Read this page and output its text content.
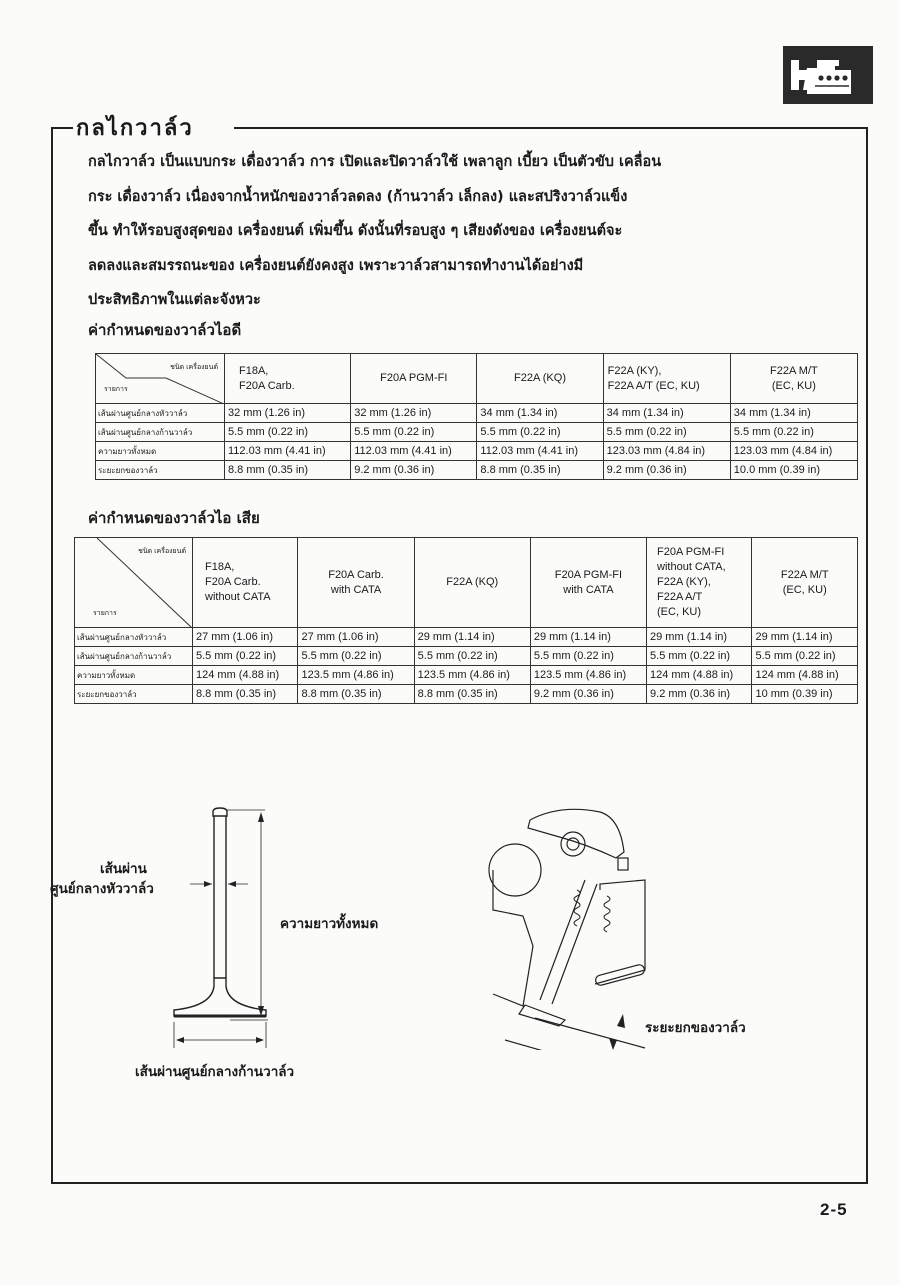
กลไกวาล์ว
กลไกวาล์ว เป็นแบบกระ เดื่องวาล์ว การ เปิดและปิดวาล์วใช้ เพลาลูก เบี้ยว เป็นตัวขับ เคลื่อน
กระ เดื่องวาล์ว เนื่องจากน้ำหนักของวาล์วลดลง (ก้านวาล์ว เล็กลง) และสปริงวาล์วแข็ง
ขึ้น ทำให้รอบสูงสุดของ เครื่องยนต์ เพิ่มขึ้น ดังนั้นที่รอบสูง ๆ เสียงดังของ เครื่องยนต์จะ
ลดลงและสมรรถนะของ เครื่องยนต์ยังคงสูง เพราะวาล์วสามารถทำงานได้อย่างมี
ประสิทธิภาพในแต่ละจังหวะ
ค่ากำหนดของวาล์วไอดี
ชนิด เครื่องยนต์
รายการ	F18A,
F20A Carb.	F20A PGM-FI	F22A (KQ)	F22A (KY),
F22A A/T (EC, KU)	F22A M/T
(EC, KU)
เส้นผ่านศูนย์กลางหัววาล์ว	32 mm (1.26 in)	32 mm (1.26 in)	34 mm (1.34 in)	34 mm (1.34 in)	34 mm (1.34 in)
เส้นผ่านศูนย์กลางก้านวาล์ว	5.5 mm (0.22 in)	5.5 mm (0.22 in)	5.5 mm (0.22 in)	5.5 mm (0.22 in)	5.5 mm (0.22 in)
ความยาวทั้งหมด	112.03 mm (4.41 in)	112.03 mm (4.41 in)	112.03 mm (4.41 in)	123.03 mm (4.84 in)	123.03 mm (4.84 in)
ระยะยกของวาล์ว	8.8 mm (0.35 in)	9.2 mm (0.36 in)	8.8 mm (0.35 in)	9.2 mm (0.36 in)	10.0 mm (0.39 in)
ค่ากำหนดของวาล์วไอ เสีย
ชนิด เครื่องยนต์
รายการ	F18A,
F20A Carb.
without CATA	F20A Carb.
with CATA	F22A (KQ)	F20A PGM-FI
with CATA	F20A PGM-FI
without CATA,
F22A (KY),
F22A A/T
(EC, KU)	F22A M/T
(EC, KU)
เส้นผ่านศูนย์กลางหัววาล์ว	27 mm (1.06 in)	27 mm (1.06 in)	29 mm (1.14 in)	29 mm (1.14 in)	29 mm (1.14 in)	29 mm (1.14 in)
เส้นผ่านศูนย์กลางก้านวาล์ว	5.5 mm (0.22 in)	5.5 mm (0.22 in)	5.5 mm (0.22 in)	5.5 mm (0.22 in)	5.5 mm (0.22 in)	5.5 mm (0.22 in)
ความยาวทั้งหมด	124 mm (4.88 in)	123.5 mm (4.86 in)	123.5 mm (4.86 in)	123.5 mm (4.86 in)	124 mm (4.88 in)	124 mm (4.88 in)
ระยะยกของวาล์ว	8.8 mm (0.35 in)	8.8 mm (0.35 in)	8.8 mm (0.35 in)	9.2 mm (0.36 in)	9.2 mm (0.36 in)	10 mm (0.39 in)
เส้นผ่าน
ศูนย์กลางหัววาล์ว
ความยาวทั้งหมด
เส้นผ่านศูนย์กลางก้านวาล์ว
ระยะยกของวาล์ว
2-5
